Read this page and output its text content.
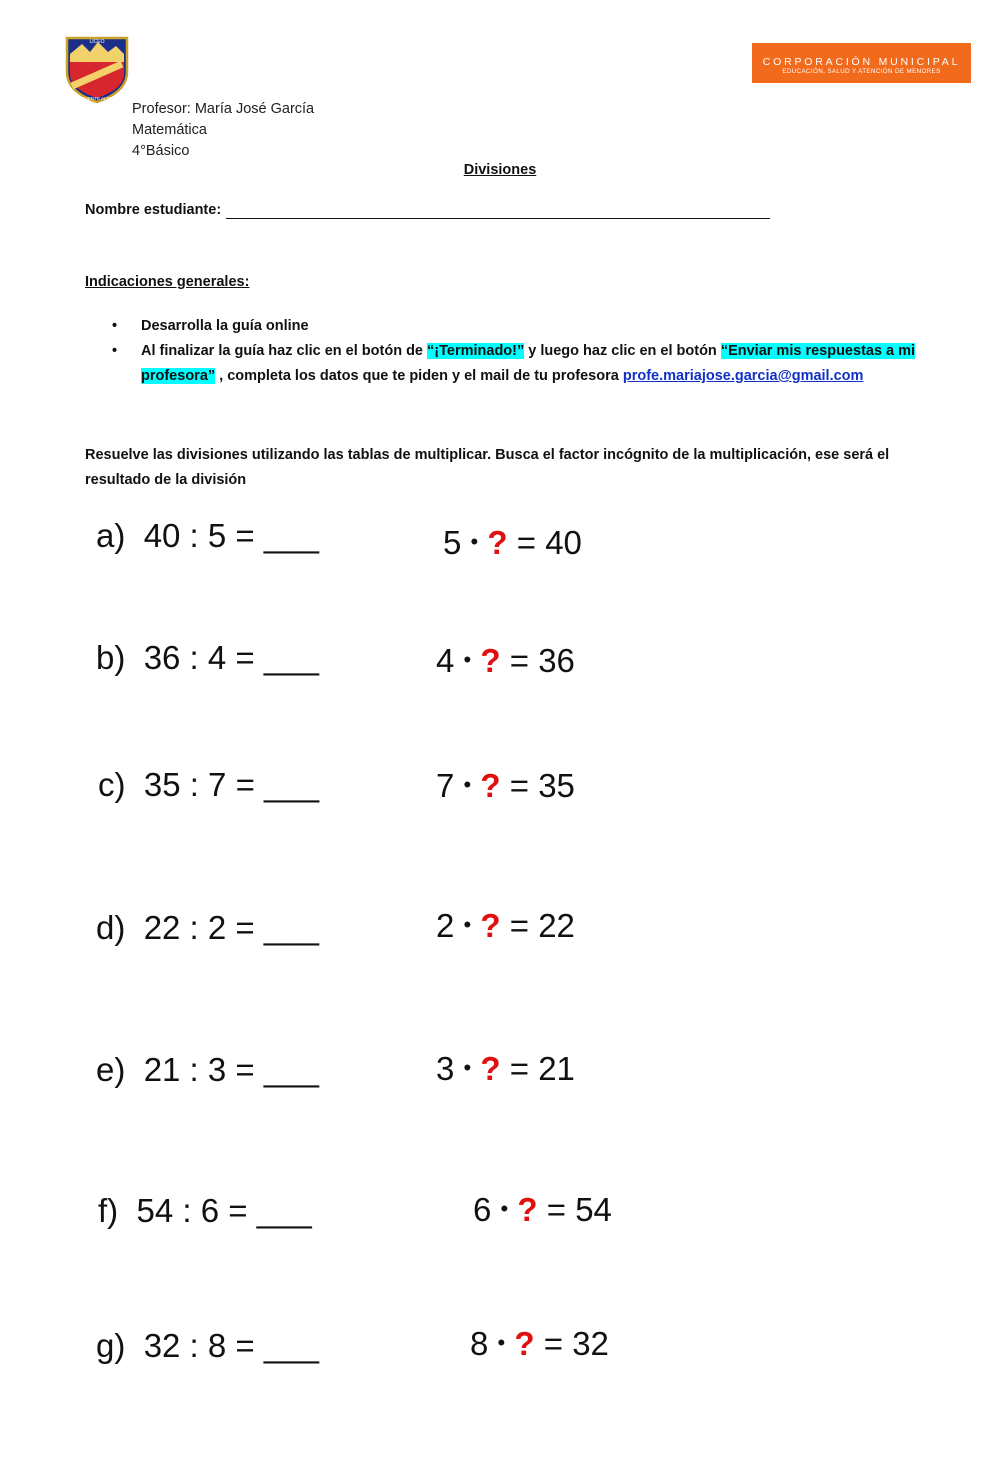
LICEO
PUENTE ALTO
CORPORACIÓN MUNICIPAL
EDUCACIÓN, SALUD Y ATENCIÓN DE MENORES
Profesor: María José García
Matemática
4°Básico
Divisiones
Nombre estudiante:
Indicaciones generales:
• Desarrolla la guía online
• Al finalizar la guía haz clic en el botón de “¡Terminado!” y luego haz clic en el botón “Enviar mis respuestas a mi profesora” , completa los datos que te piden y el mail de tu profesora profe.mariajose.garcia@gmail.com
Resuelve las divisiones utilizando las tablas de multiplicar. Busca el factor incógnito de la multiplicación, ese será el resultado de la división
a) 40 : 5 = ___	5 • ? = 40
b) 36 : 4 = ___	4 • ? = 36
c) 35 : 7 = ___	7 • ? = 35
d) 22 : 2 = ___	2 • ? = 22
e) 21 : 3 = ___	3 • ? = 21
f) 54 : 6 = ___	6 • ? = 54
g) 32 : 8 = ___	8 • ? = 32
